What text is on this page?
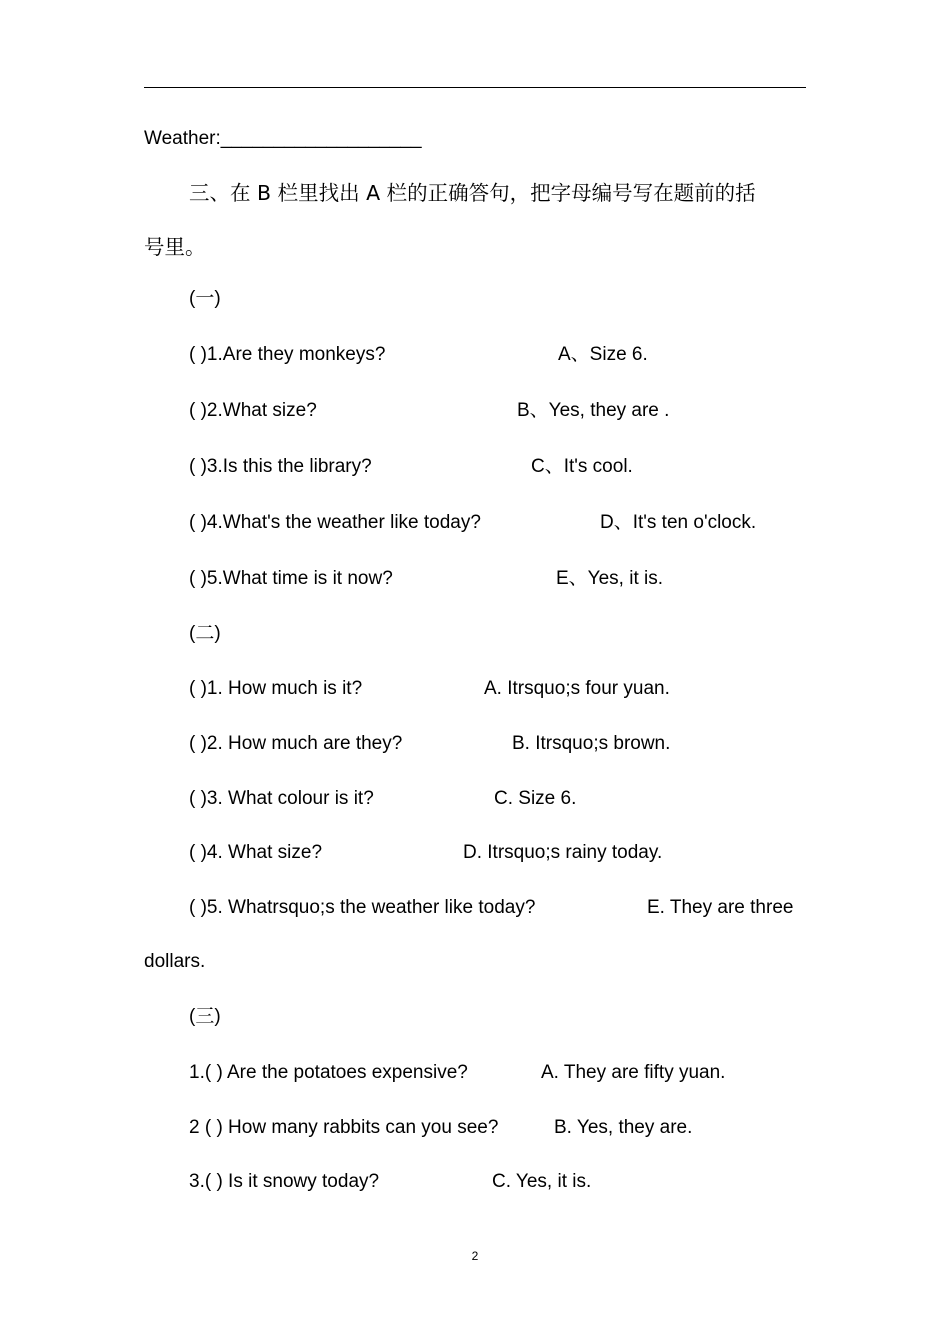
Weather:___________________
三、在 B 栏里找出 A 栏的正确答句，把字母编号写在题前的括
号里。
(一)
( )1.Are they monkeys?	A、Size 6.
( )2.What size?	B、Yes, they are .
( )3.Is this the library?	C、It's cool.
( )4.What's the weather like today?	D、It's ten o'clock.
( )5.What time is it now?	E、Yes, it is.
(二)
( )1. How much is it?	A. Itrsquo;s four yuan.
( )2. How much are they?	B. Itrsquo;s brown.
( )3. What colour is it?	C. Size 6.
( )4. What size?	D. Itrsquo;s rainy today.
( )5. Whatrsquo;s the weather like today?	E. They are three
dollars.
(三)
1.( ) Are the potatoes expensive?	A. They are fifty yuan.
2 ( ) How many rabbits can you see?	B. Yes, they are.
3.( ) Is it snowy today?	C. Yes, it is.
2
